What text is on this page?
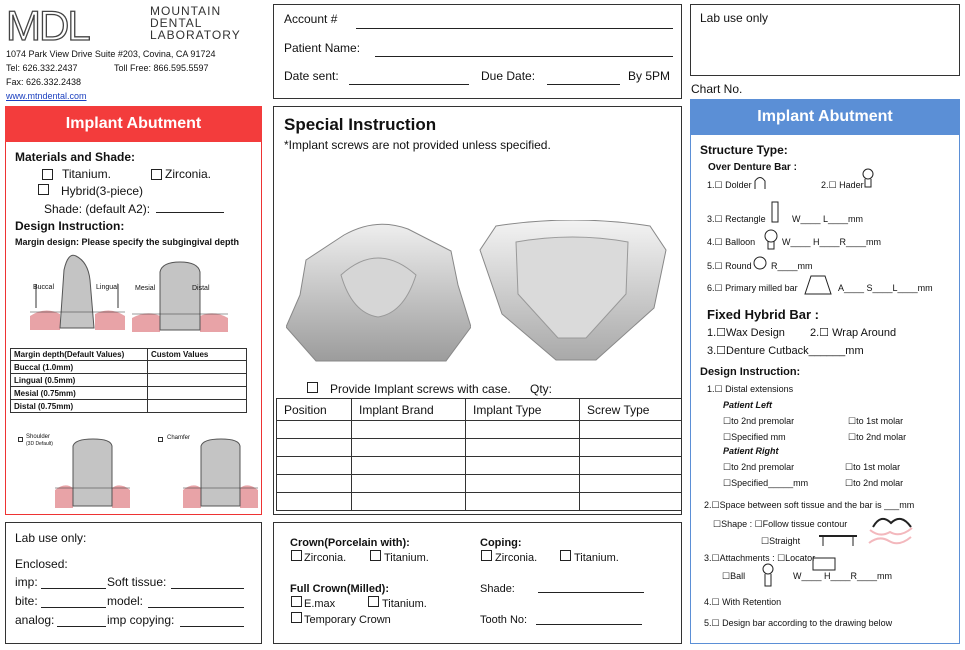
MDL	MOUNTAIN
DENTAL
LABORATORY
1074 Park View Drive Suite #203, Covina, CA 91724
Tel: 626.332.2437	Toll Free: 866.595.5597
Fax: 626.332.2438
www.mtndental.com
Account #
Patient Name:
Date sent:	Due Date:	By 5PM
Lab use only
Chart No.
Implant Abutment
Materials and Shade:
Titanium.	Zirconia.
Hybrid(3-piece)
Shade: (default A2):
Design Instruction:
Margin design: Please specify the subgingival depth
Buccal	Lingual Mesial	Distal
Margin depth(Default Values)	Custom Values
Buccal (1.0mm)	
Lingual (0.5mm)	
Mesial (0.75mm)	
Distal (0.75mm)	
Shoulder
(3D Default)
Chamfer
Special Instruction
*Implant screws are not provided unless specified.
Provide Implant screws with case. Qty:
Position	Implant Brand	Implant Type	Screw Type

Implant Abutment
Structure Type:
Over Denture Bar :
1.☐ Dolder	2.☐ Hader
3.☐ Rectangle	W____ L____mm
4.☐ Balloon	W____ H____R____mm
5.☐ Round R____mm
6.☐ Primary milled bar	A____ S____L____mm
Fixed Hybrid Bar :
1.☐Wax Design 2.☐ Wrap Around
3.☐Denture Cutback______mm
Design Instruction:
1.☐ Distal extensions
Patient Left
☐to 2nd premolar	☐to 1st molar
☐Specified mm	☐to 2nd molar
Patient Right
☐to 2nd premolar	☐to 1st molar
☐Specified_____mm	☐to 2nd molar
2.☐Space between soft tissue and the bar is ___mm
☐Shape : ☐Follow tissue contour
☐Straight
3.☐Attachments : ☐Locator
☐Ball	W____ H____R____mm
4.☐ With Retention
5.☐ Design bar according to the drawing below
Lab use only:
Enclosed:
imp:	Soft tissue:
bite:	model:
analog:	imp copying:
Crown(Porcelain with):
Zirconia.	Titanium.
Full Crown(Milled):
E.max	Titanium.
Temporary Crown
Coping:
Zirconia.	Titanium.
Shade:
Tooth No:
